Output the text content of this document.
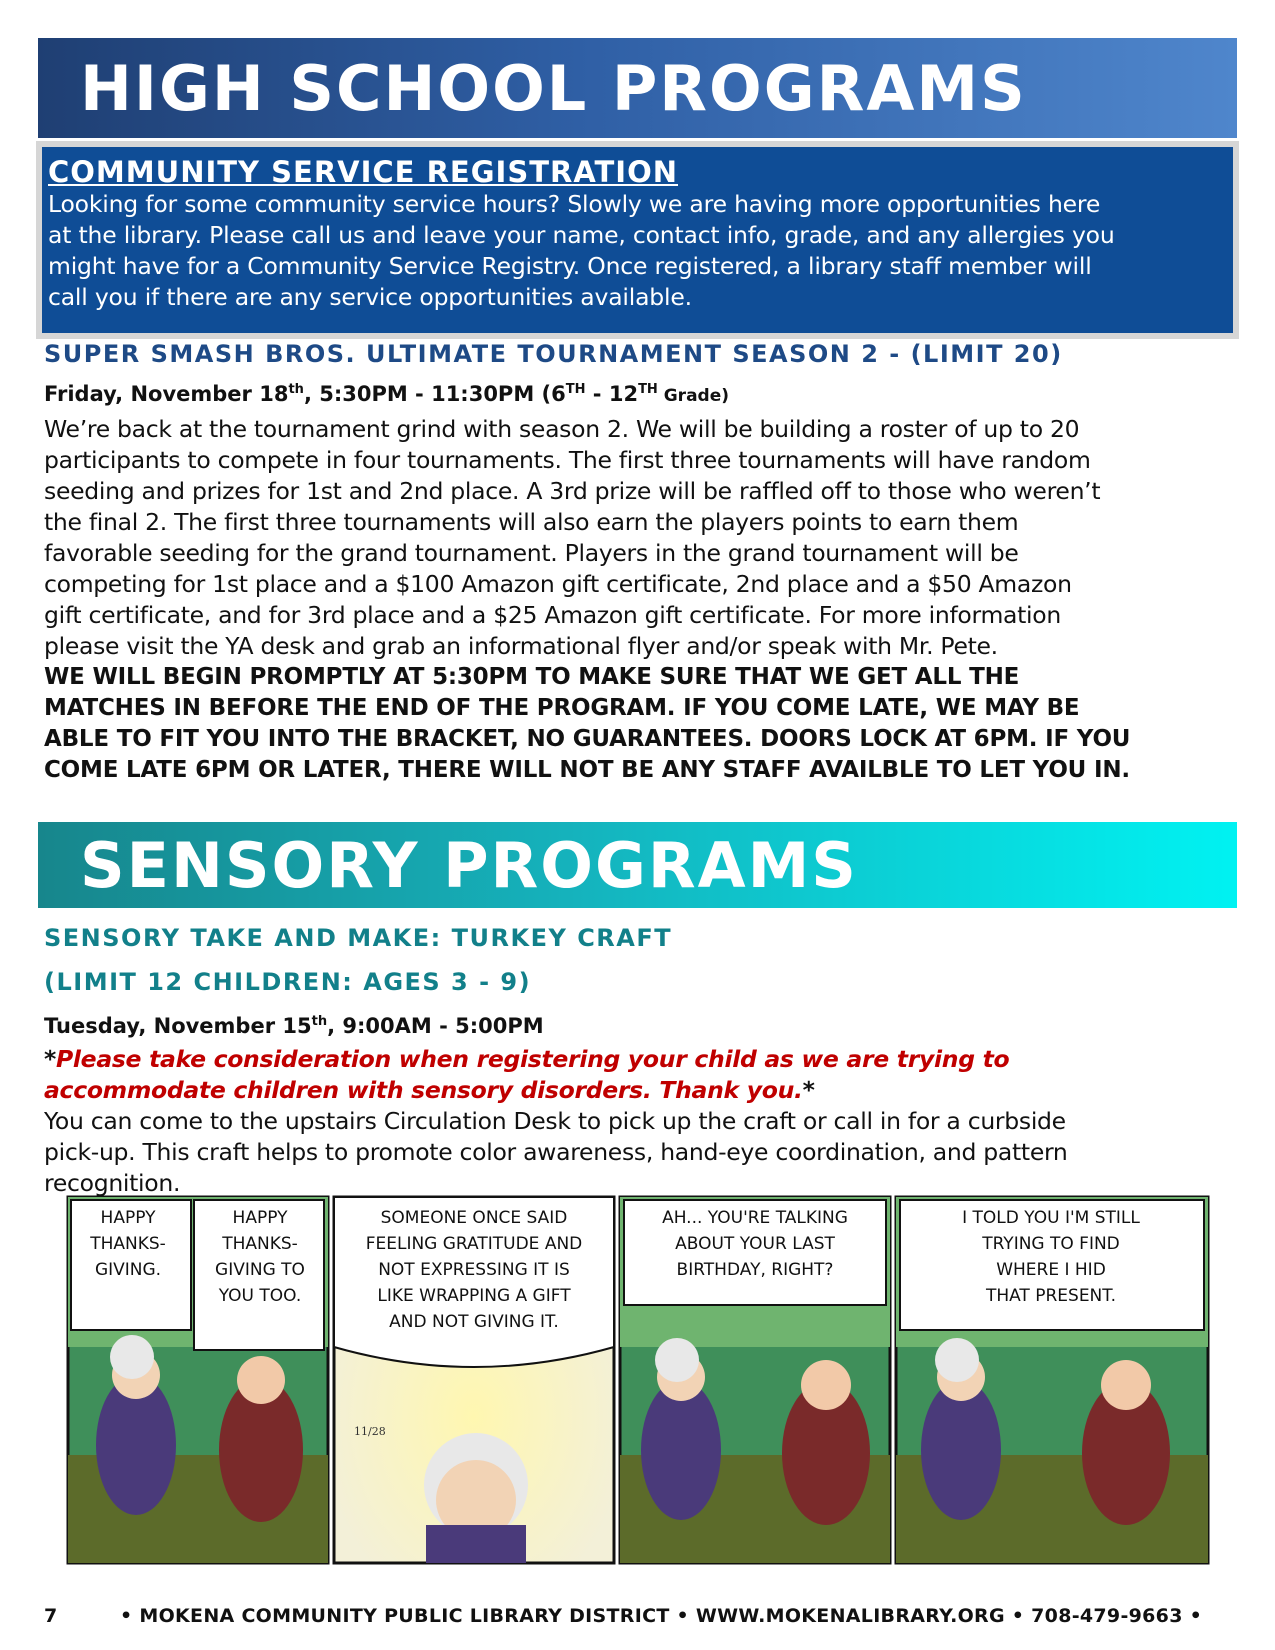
HIGH SCHOOL PROGRAMS
COMMUNITY SERVICE REGISTRATION

Looking for some community service hours? Slowly we are having more opportunities here

at the library. Please call us and leave your name, contact info, grade, and any allergies you

might have for a Community Service Registry. Once registered, a library staff member will

call you if there are any service opportunities available.

SUPER SMASH BROS. ULTIMATE TOURNAMENT SEASON 2 - (LIMIT 20)

Friday, November 18th, 5:30PM - 11:30PM (6TH - 12TH Grade)

We’re back at the tournament grind with season 2. We will be building a roster of up to 20

participants to compete in four tournaments. The first three tournaments will have random

seeding and prizes for 1st and 2nd place. A 3rd prize will be raffled off to those who weren’t

the final 2. The first three tournaments will also earn the players points to earn them

favorable seeding for the grand tournament. Players in the grand tournament will be

competing for 1st place and a $100 Amazon gift certificate, 2nd place and a $50 Amazon

gift certificate, and for 3rd place and a $25 Amazon gift certificate. For more information

please visit the YA desk and grab an informational flyer and/or speak with Mr. Pete.

WE WILL BEGIN PROMPTLY AT 5:30PM TO MAKE SURE THAT WE GET ALL THE

MATCHES IN BEFORE THE END OF THE PROGRAM. IF YOU COME LATE, WE MAY BE

ABLE TO FIT YOU INTO THE BRACKET, NO GUARANTEES. DOORS LOCK AT 6PM. IF YOU

COME LATE 6PM OR LATER, THERE WILL NOT BE ANY STAFF AVAILBLE TO LET YOU IN.

SENSORY PROGRAMS

SENSORY TAKE AND MAKE: TURKEY CRAFT

(LIMIT 12 CHILDREN: AGES 3 - 9)

Tuesday, November 15th, 9:00AM - 5:00PM

*Please take consideration when registering your child as we are trying to

accommodate children with sensory disorders. Thank you.*

You can come to the upstairs Circulation Desk to pick up the craft or call in for a curbside

pick-up. This craft helps to promote color awareness, hand-eye coordination, and pattern

recognition.

HAPPY THANKS-GIVING.
HAPPY THANKS-GIVING TO YOU TOO.
SOMEONE ONCE SAID FEELING GRATITUDE AND NOT EXPRESSING IT IS LIKE WRAPPING A GIFT AND NOT GIVING IT.
11/28
AH... YOU'RE TALKING ABOUT YOUR LAST BIRTHDAY, RIGHT?
I TOLD YOU I'M STILL TRYING TO FIND WHERE I HID THAT PRESENT.
7	• MOKENA COMMUNITY PUBLIC LIBRARY DISTRICT • WWW.MOKENALIBRARY.ORG • 708-479-9663 •
